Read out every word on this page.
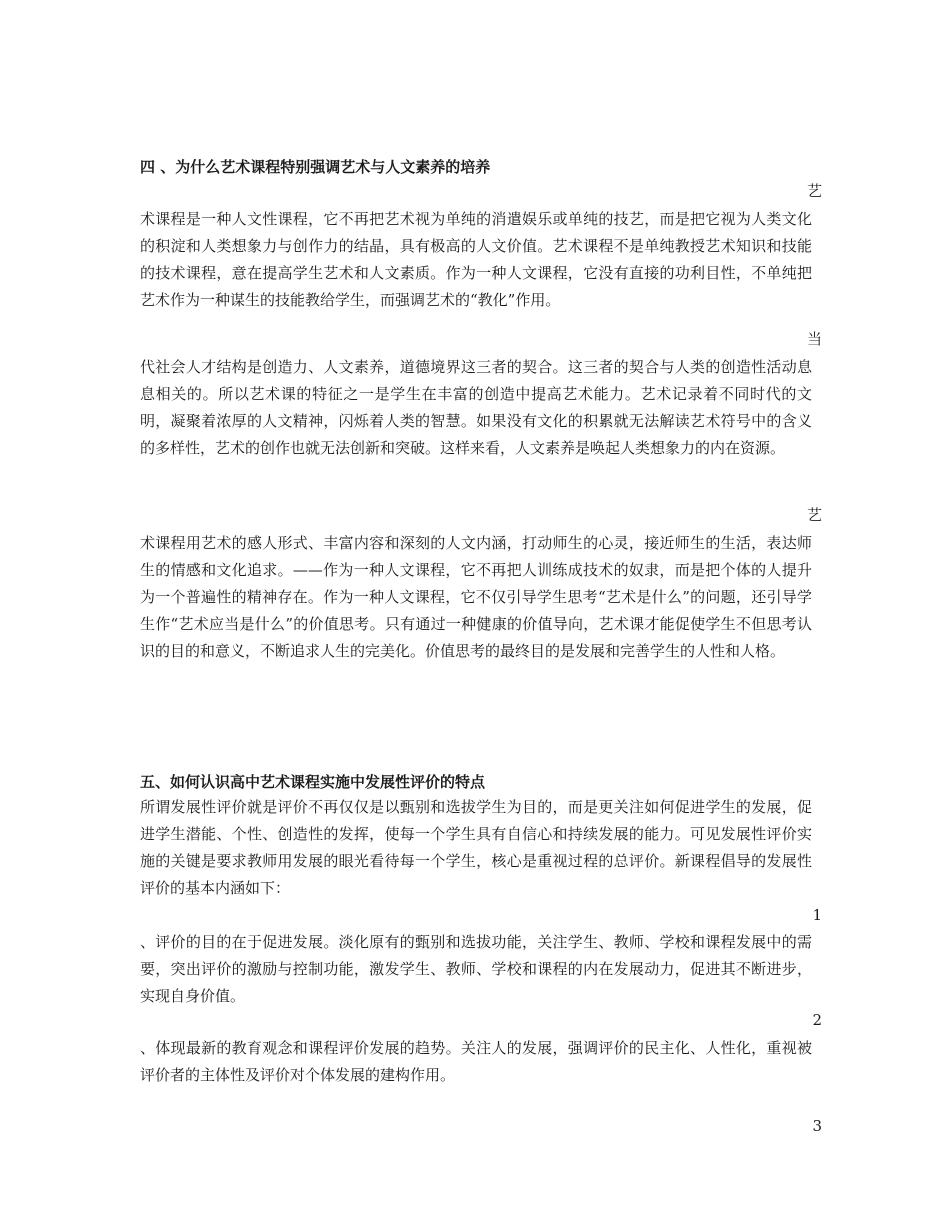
四 、为什么艺术课程特别强调艺术与人文素养的培养
艺
术课程是一种人文性课程，它不再把艺术视为单纯的消遣娱乐或单纯的技艺，而是把它视为人类文化的积淀和人类想象力与创作力的结晶，具有极高的人文价值。艺术课程不是单纯教授艺术知识和技能的技术课程，意在提高学生艺术和人文素质。作为一种人文课程，它没有直接的功利目性，不单纯把艺术作为一种谋生的技能教给学生，而强调艺术的“教化”作用。
当
代社会人才结构是创造力、人文素养，道德境界这三者的契合。这三者的契合与人类的创造性活动息息相关的。所以艺术课的特征之一是学生在丰富的创造中提高艺术能力。艺术记录着不同时代的文明，凝聚着浓厚的人文精神，闪烁着人类的智慧。如果没有文化的积累就无法解读艺术符号中的含义的多样性，艺术的创作也就无法创新和突破。这样来看，人文素养是唤起人类想象力的内在资源。
艺
术课程用艺术的感人形式、丰富内容和深刻的人文内涵，打动师生的心灵，接近师生的生活，表达师生的情感和文化追求。——作为一种人文课程，它不再把人训练成技术的奴隶，而是把个体的人提升为一个普遍性的精神存在。作为一种人文课程，它不仅引导学生思考“艺术是什么”的问题，还引导学生作“艺术应当是什么”的价值思考。只有通过一种健康的价值导向，艺术课才能促使学生不但思考认识的目的和意义，不断追求人生的完美化。价值思考的最终目的是发展和完善学生的人性和人格。
五、如何认识高中艺术课程实施中发展性评价的特点
所谓发展性评价就是评价不再仅仅是以甄别和选拔学生为目的，而是更关注如何促进学生的发展，促进学生潜能、个性、创造性的发挥，使每一个学生具有自信心和持续发展的能力。可见发展性评价实施的关键是要求教师用发展的眼光看待每一个学生，核心是重视过程的总评价。新课程倡导的发展性评价的基本内涵如下：
1
、评价的目的在于促进发展。淡化原有的甄别和选拔功能，关注学生、教师、学校和课程发展中的需要，突出评价的激励与控制功能，激发学生、教师、学校和课程的内在发展动力，促进其不断进步，实现自身价值。
2
、体现最新的教育观念和课程评价发展的趋势。关注人的发展，强调评价的民主化、人性化，重视被评价者的主体性及评价对个体发展的建构作用。
3
